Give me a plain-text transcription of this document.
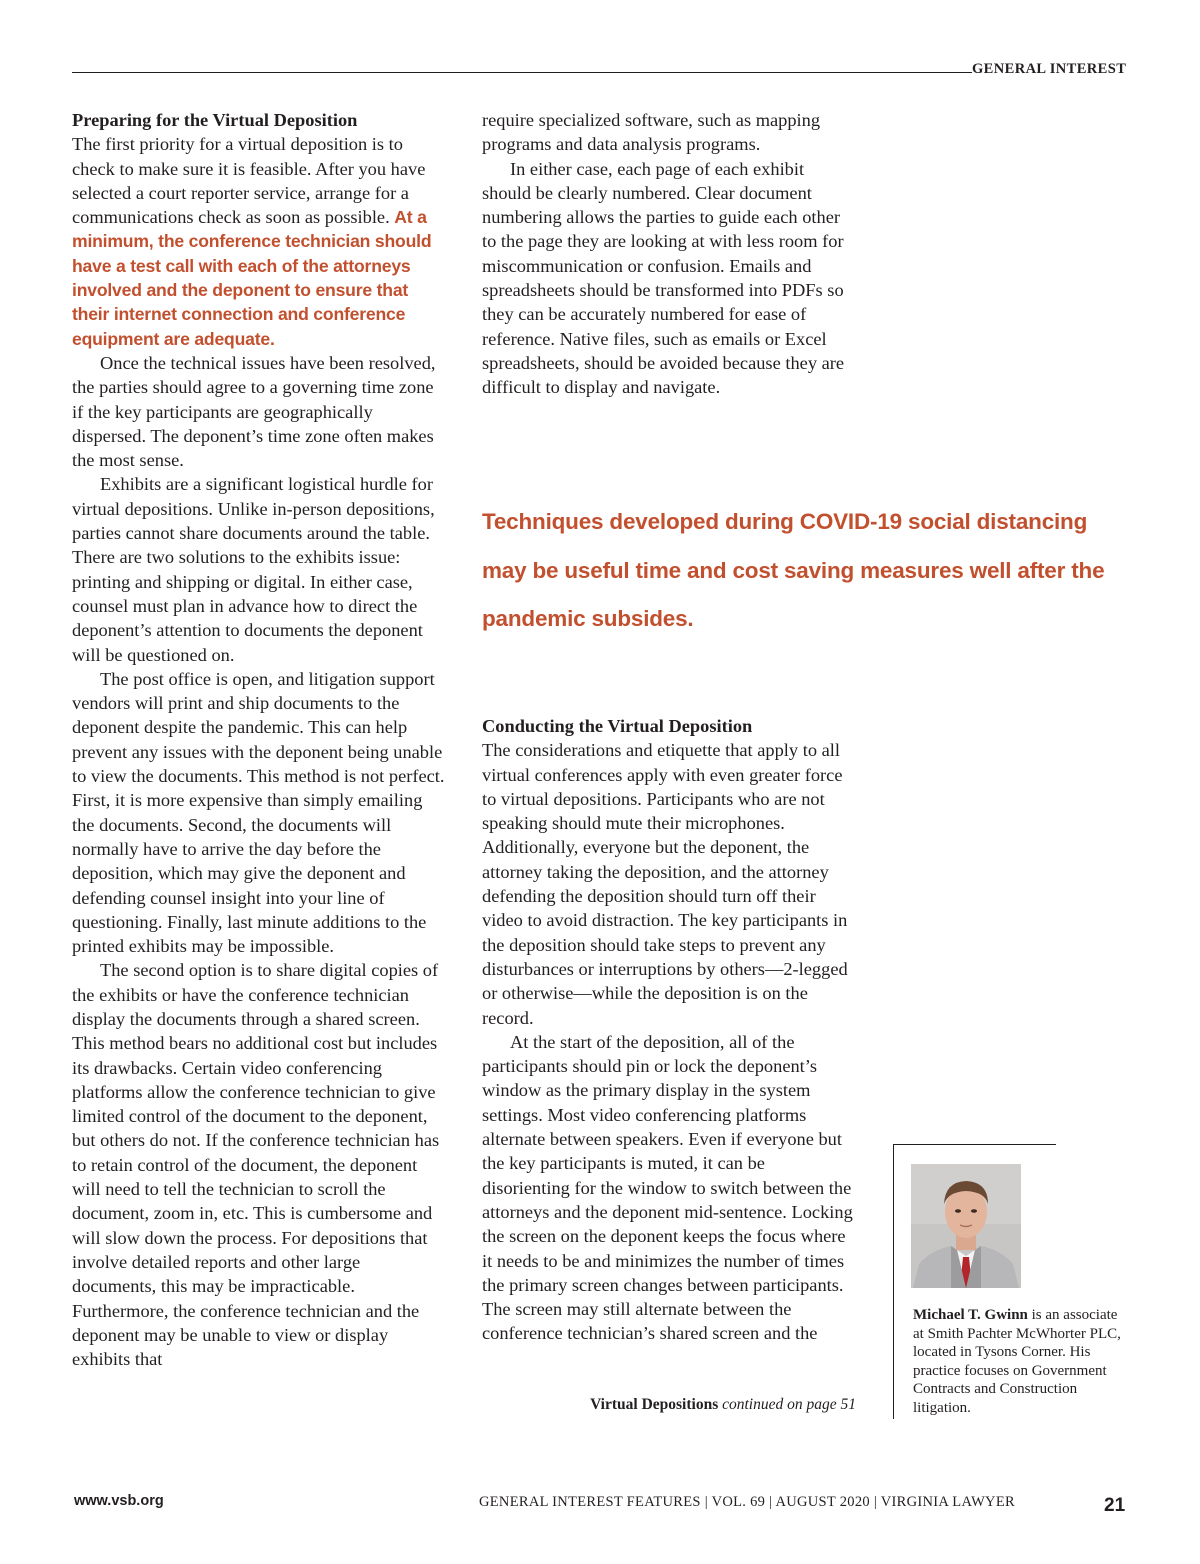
GENERAL INTEREST

Preparing for the Virtual Deposition

The first priority for a virtual deposition is to check to make sure it is feasible. After you have selected a court reporter service, arrange for a communications check as soon as possible. At a minimum, the conference technician should have a test call with each of the attorneys involved and the deponent to ensure that their internet connection and conference equipment are adequate.

Once the technical issues have been resolved, the parties should agree to a governing time zone if the key participants are geographically dispersed. The deponent’s time zone often makes the most sense.

Exhibits are a significant logistical hurdle for virtual depositions. Unlike in-person depositions, parties cannot share documents around the table. There are two solutions to the exhibits issue: printing and shipping or digital. In either case, counsel must plan in advance how to direct the deponent’s attention to documents the deponent will be questioned on.

The post office is open, and litigation support vendors will print and ship documents to the deponent despite the pandemic. This can help prevent any issues with the deponent being unable to view the documents. This method is not perfect. First, it is more expensive than simply emailing the documents. Second, the documents will normally have to arrive the day before the deposition, which may give the deponent and defending counsel insight into your line of questioning. Finally, last minute additions to the printed exhibits may be impossible.

The second option is to share digital copies of the exhibits or have the conference technician display the documents through a shared screen. This method bears no additional cost but includes its drawbacks. Certain video conferencing platforms allow the conference technician to give limited control of the document to the deponent, but others do not. If the conference technician has to retain control of the document, the deponent will need to tell the technician to scroll the document, zoom in, etc. This is cumbersome and will slow down the process. For depositions that involve detailed reports and other large documents, this may be impracticable. Furthermore, the conference technician and the deponent may be unable to view or display exhibits that

require specialized software, such as mapping programs and data analysis programs.

In either case, each page of each exhibit should be clearly numbered. Clear document numbering allows the parties to guide each other to the page they are looking at with less room for miscommunication or confusion. Emails and spreadsheets should be transformed into PDFs so they can be accurately numbered for ease of reference. Native files, such as emails or Excel spreadsheets, should be avoided because they are difficult to display and navigate.

Techniques developed during COVID-19 social distancing may be useful time and cost saving measures well after the pandemic subsides.

Conducting the Virtual Deposition

The considerations and etiquette that apply to all virtual conferences apply with even greater force to virtual depositions. Participants who are not speaking should mute their microphones. Additionally, everyone but the deponent, the attorney taking the deposition, and the attorney defending the deposition should turn off their video to avoid distraction. The key participants in the deposition should take steps to prevent any disturbances or interruptions by others—2-legged or otherwise—while the deposition is on the record.

At the start of the deposition, all of the participants should pin or lock the deponent’s window as the primary display in the system settings. Most video conferencing platforms alternate between speakers. Even if everyone but the key participants is muted, it can be disorienting for the window to switch between the attorneys and the deponent mid-sentence. Locking the screen on the deponent keeps the focus where it needs to be and minimizes the number of times the primary screen changes between participants. The screen may still alternate between the conference technician’s shared screen and the

Virtual Depositions continued on page 51
Michael T. Gwinn is an associate at Smith Pachter McWhorter PLC, located in Tysons Corner. His practice focuses on Government Contracts and Construction litigation.
www.vsb.org	GENERAL INTEREST FEATURES | VOL. 69 | AUGUST 2020 | VIRGINIA LAWYER	21
